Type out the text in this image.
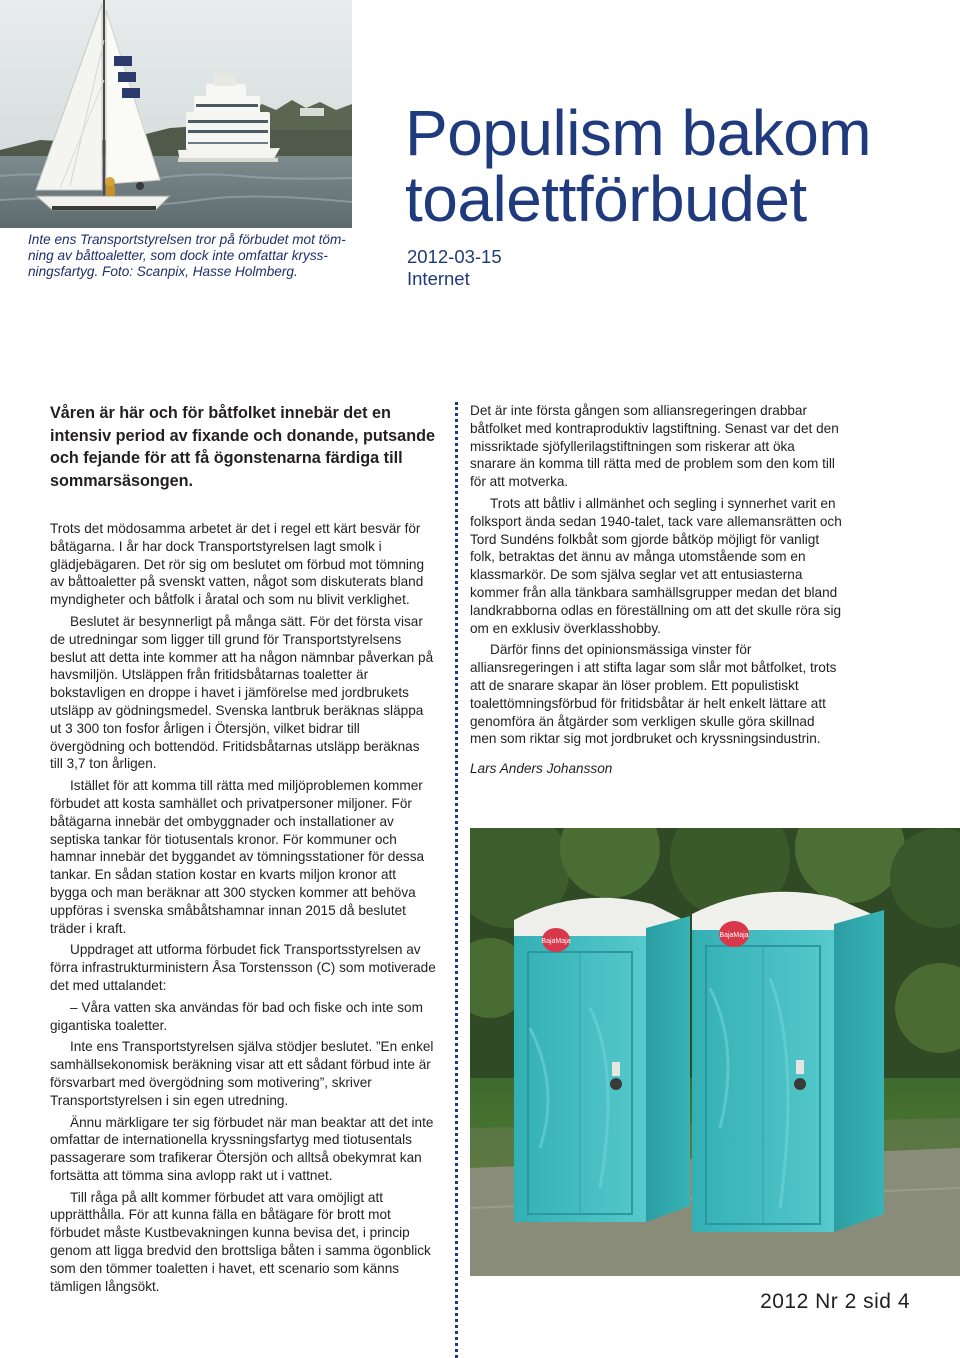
Inte ens Transportstyrelsen tror på förbudet mot töm-
ning av båttoaletter, som dock inte omfattar kryss-
ningsfartyg. Foto: Scanpix, Hasse Holmberg.

Populism bakom toalettförbudet
2012-03-15
Internet

Våren är här och för båtfolket innebär det en intensiv period av fixande och donande, putsande och fejande för att få ögonstenarna färdiga till sommarsäsongen.

Trots det mödosamma arbetet är det i regel ett kärt besvär för båtägarna. I år har dock Transportstyrelsen lagt smolk i glädjebägaren. Det rör sig om beslutet om förbud mot tömning av båttoaletter på svenskt vatten, något som diskuterats bland myndigheter och båtfolk i åratal och som nu blivit verklighet.

Beslutet är besynnerligt på många sätt. För det första visar de utredningar som ligger till grund för Transportstyrelsens beslut att detta inte kommer att ha någon nämnbar påverkan på havsmiljön. Utsläppen från fritidsbåtarnas toaletter är bokstavligen en droppe i havet i jämförelse med jordbrukets utsläpp av gödningsmedel. Svenska lantbruk beräknas släppa ut 3 300 ton fosfor årligen i Ötersjön, vilket bidrar till övergödning och bottendöd. Fritidsbåtarnas utsläpp beräknas till 3,7 ton årligen.

Istället för att komma till rätta med miljöproblemen kommer förbudet att kosta samhället och privatpersoner miljoner. För båtägarna innebär det ombyggnader och installationer av septiska tankar för tiotusentals kronor. För kommuner och hamnar innebär det byggandet av tömningsstationer för dessa tankar. En sådan station kostar en kvarts miljon kronor att bygga och man beräknar att 300 stycken kommer att behöva uppföras i svenska småbåtshamnar innan 2015 då beslutet träder i kraft.

Uppdraget att utforma förbudet fick Transportsstyrelsen av förra infrastrukturministern Åsa Torstensson (C) som motiverade det med uttalandet:

– Våra vatten ska användas för bad och fiske och inte som gigantiska toaletter.

Inte ens Transportstyrelsen själva stödjer beslutet. ”En enkel samhällsekonomisk beräkning visar att ett sådant förbud inte är försvarbart med övergödning som motivering”, skriver Transportstyrelsen i sin egen utredning.

Ännu märkligare ter sig förbudet när man beaktar att det inte omfattar de internationella kryssningsfartyg med tiotusentals passagerare som trafikerar Ötersjön och alltså obekymrat kan fortsätta att tömma sina avlopp rakt ut i vattnet.

Till råga på allt kommer förbudet att vara omöjligt att upprätthålla. För att kunna fälla en båtägare för brott mot förbudet måste Kustbevakningen kunna bevisa det, i princip genom att ligga bredvid den brottsliga båten i samma ögonblick som den tömmer toaletten i havet, ett scenario som känns tämligen långsökt.

Det är inte första gången som alliansregeringen drabbar båtfolket med kontraproduktiv lagstiftning. Senast var det den missriktade sjöfyllerilagstiftningen som riskerar att öka snarare än komma till rätta med de problem som den kom till för att motverka.

Trots att båtliv i allmänhet och segling i synnerhet varit en folksport ända sedan 1940-talet, tack vare allemansrätten och Tord Sundéns folkbåt som gjorde båtköp möjligt för vanligt folk, betraktas det ännu av många utomstående som en klassmarkör. De som själva seglar vet att entusiasterna kommer från alla tänkbara samhällsgrupper medan det bland landkrabborna odlas en föreställning om att det skulle röra sig om en exklusiv överklasshobby.

Därför finns det opinionsmässiga vinster för alliansregeringen i att stifta lagar som slår mot båtfolket, trots att de snarare skapar än löser problem. Ett populistiskt toalettömningsförbud för fritidsbåtar är helt enkelt lättare att genomföra än åtgärder som verkligen skulle göra skillnad men som riktar sig mot jordbruket och kryssningsindustrin.

Lars Anders Johansson

BajaMaja
BajaMaja
2012 Nr 2 sid 4
